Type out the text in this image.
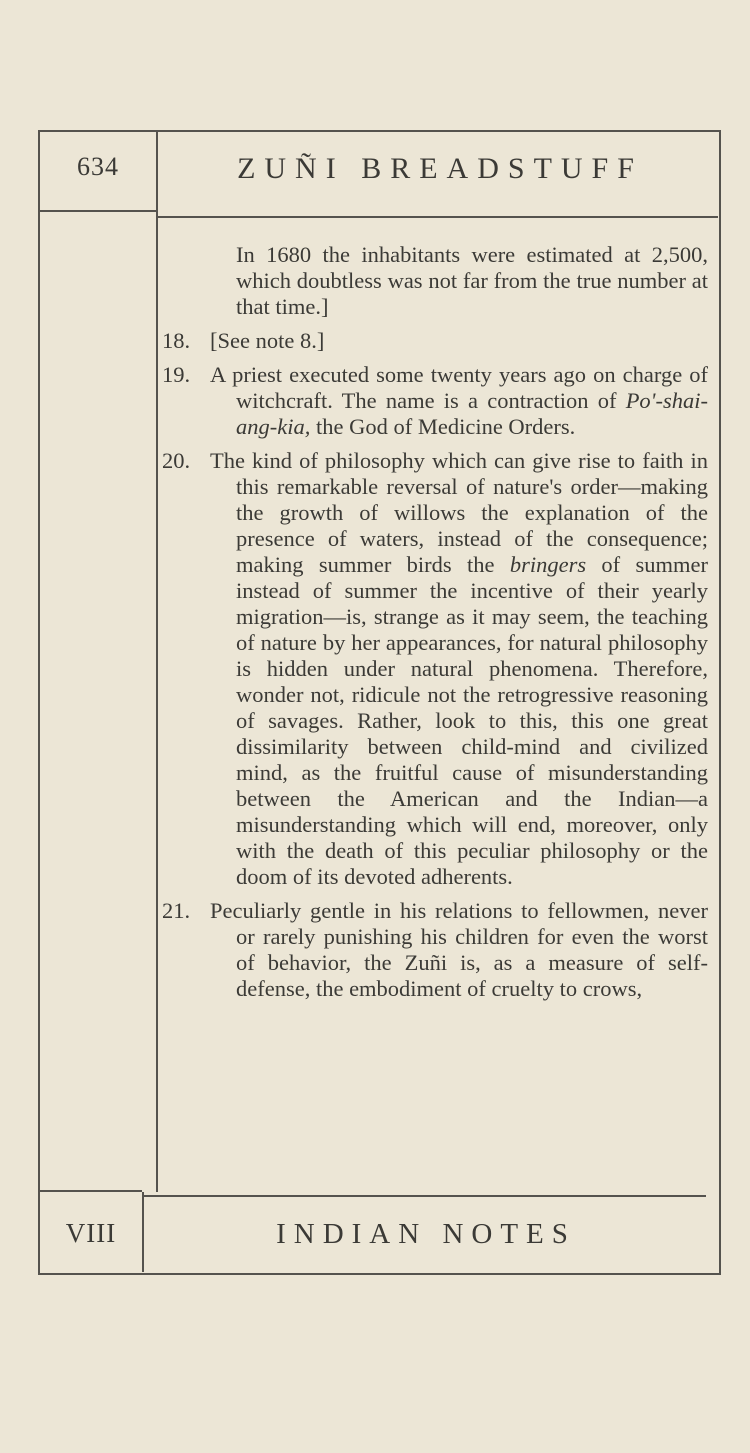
634	ZUÑI BREADSTUFF

In 1680 the inhabitants were estimated at 2,500, which doubtless was not far from the true number at that time.]

18. [See note 8.]
19. A priest executed some twenty years ago on charge of witchcraft. The name is a contraction of Po'-shai-ang-kia, the God of Medicine Orders.
20. The kind of philosophy which can give rise to faith in this remarkable reversal of nature's order—making the growth of willows the explanation of the presence of waters, instead of the consequence; making summer birds the bringers of summer instead of summer the incentive of their yearly migration—is, strange as it may seem, the teaching of nature by her appearances, for natural philosophy is hidden under natural phenomena. Therefore, wonder not, ridicule not the retrogressive reasoning of savages. Rather, look to this, this one great dissimilarity between child-mind and civilized mind, as the fruitful cause of misunderstanding between the American and the Indian—a misunderstanding which will end, moreover, only with the death of this peculiar philosophy or the doom of its devoted adherents.
21. Peculiarly gentle in his relations to fellowmen, never or rarely punishing his children for even the worst of behavior, the Zuñi is, as a measure of self-defense, the embodiment of cruelty to crows,
VIII	INDIAN NOTES
